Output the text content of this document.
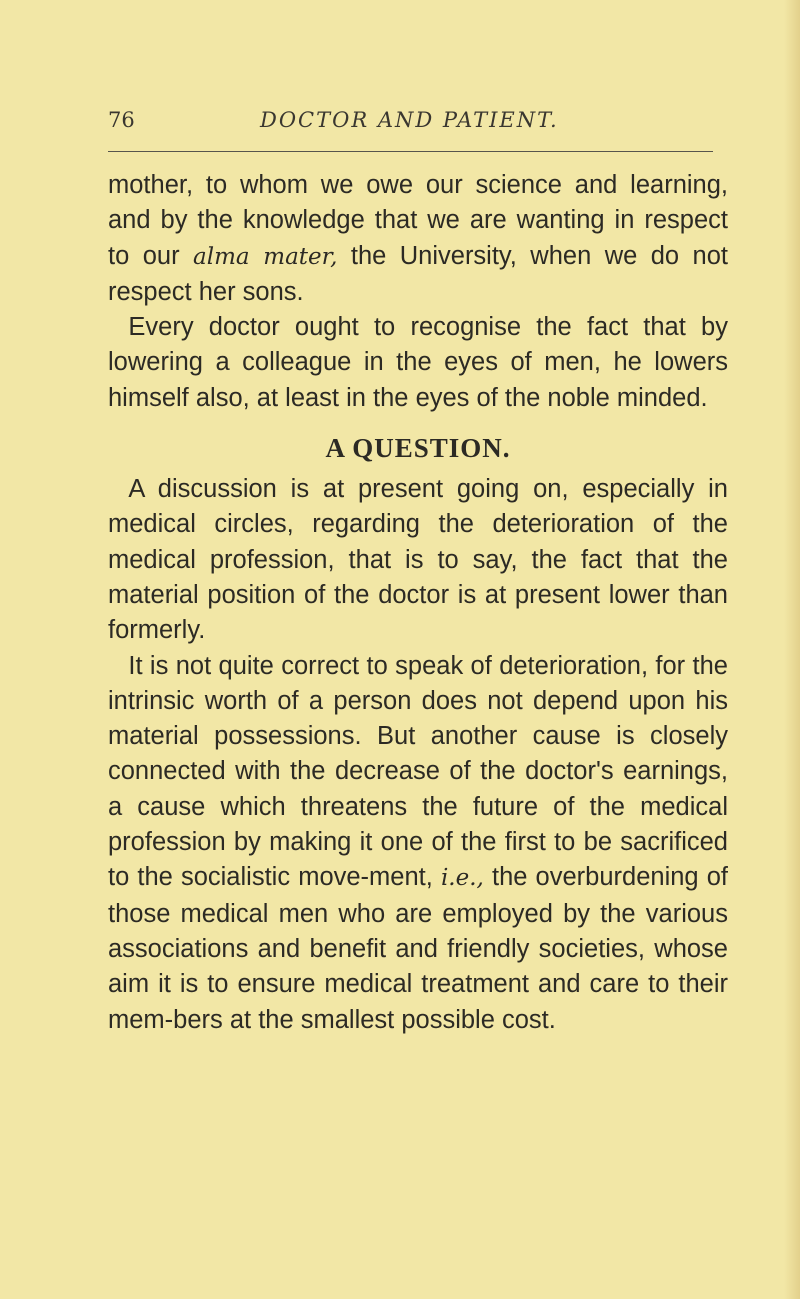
76	DOCTOR AND PATIENT.

mother, to whom we owe our science and learning, and by the knowledge that we are wanting in respect to our alma mater, the University, when we do not respect her sons.

Every doctor ought to recognise the fact that by lowering a colleague in the eyes of men, he lowers himself also, at least in the eyes of the noble minded.

A QUESTION.

A discussion is at present going on, especially in medical circles, regarding the deterioration of the medical profession, that is to say, the fact that the material position of the doctor is at present lower than formerly.

It is not quite correct to speak of deterioration, for the intrinsic worth of a person does not depend upon his material possessions. But another cause is closely connected with the decrease of the doctor's earnings, a cause which threatens the future of the medical profession by making it one of the first to be sacrificed to the socialistic move-ment, i.e., the overburdening of those medical men who are employed by the various associations and benefit and friendly societies, whose aim it is to ensure medical treatment and care to their mem-bers at the smallest possible cost.
